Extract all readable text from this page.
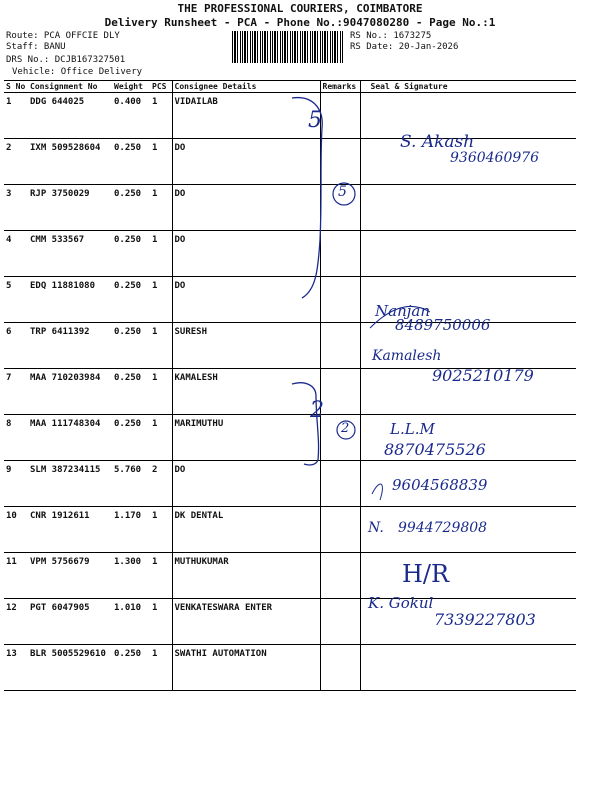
THE PROFESSIONAL COURIERS, COIMBATORE
Delivery Runsheet - PCA - Phone No.:9047080280 - Page No.:1
Route: PCA OFFCIE DLY
Staff: BANU
DRS No.: DCJB167327501
Vehicle: Office Delivery
RS No.: 1673275
RS Date: 20-Jan-2026
S No	Consignment No	Weight	PCS	Consignee Details	Remarks	Seal & Signature
1	DDG 644025	0.400	1	VIDAILAB		
2	IXM 509528604	0.250	1	DO		
3	RJP 3750029	0.250	1	DO		
4	CMM 533567	0.250	1	DO		
5	EDQ 11881080	0.250	1	DO		
6	TRP 6411392	0.250	1	SURESH		
7	MAA 710203984	0.250	1	KAMALESH		
8	MAA 111748304	0.250	1	MARIMUTHU		
9	SLM 387234115	5.760	2	DO		
10	CNR 1912611	1.170	1	DK DENTAL		
11	VPM 5756679	1.300	1	MUTHUKUMAR		
12	PGT 6047905	1.010	1	VENKATESWARA ENTER		
13	BLR 5005529610	0.250	1	SWATHI AUTOMATION		
5
2
5
2
S. Akash
9360460976
Nanjan
8489750006
Kamalesh
9025210179
L.L.M
8870475526
9604568839
N. 9944729808
H/R
K. Gokul
7339227803
